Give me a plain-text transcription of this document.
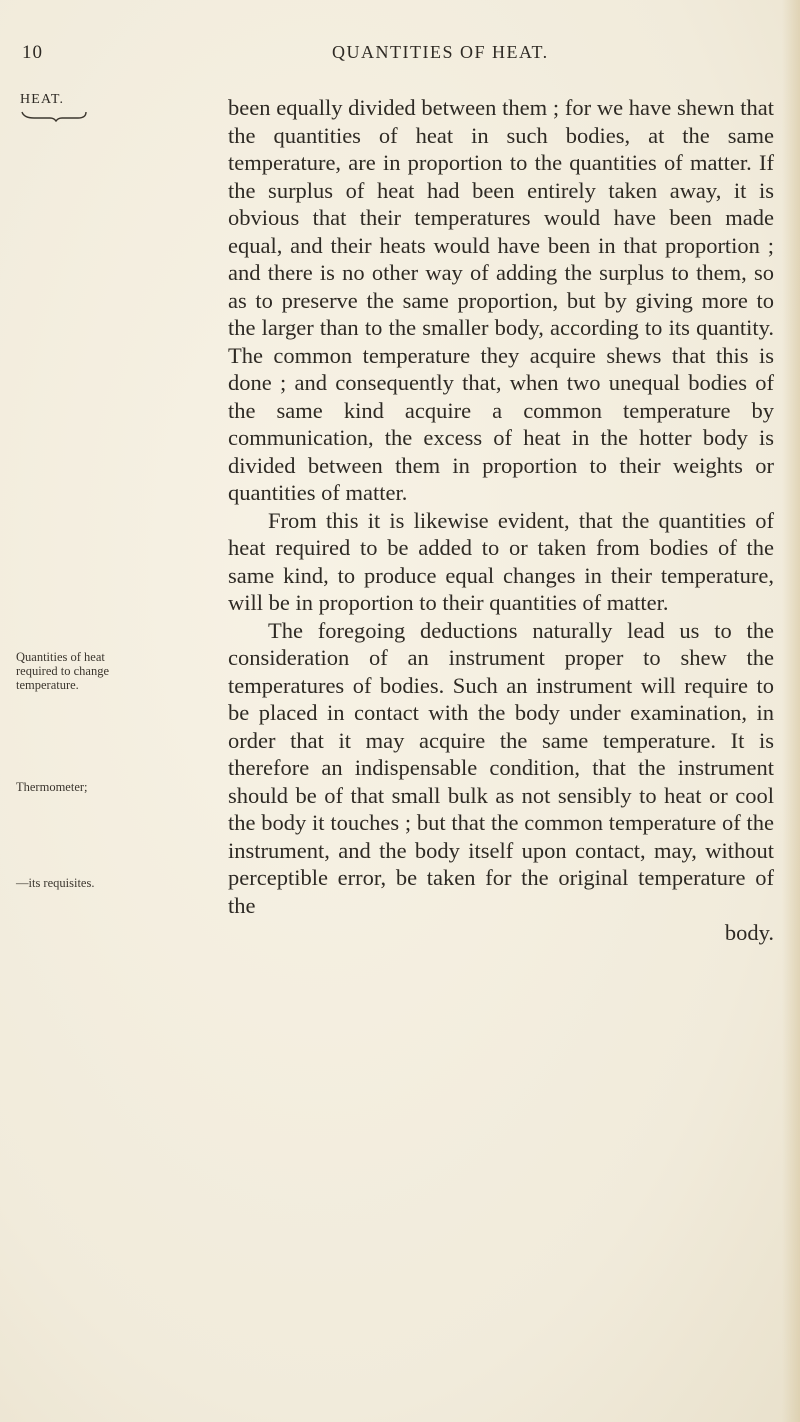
10	QUANTITIES OF HEAT.
HEAT.
Quantities of heat required to change temperature.
Thermometer;
—its requisites.

been equally divided between them ; for we have shewn that the quantities of heat in such bodies, at the same temperature, are in proportion to the quantities of matter. If the surplus of heat had been entirely taken away, it is obvious that their temperatures would have been made equal, and their heats would have been in that proportion ; and there is no other way of adding the surplus to them, so as to preserve the same proportion, but by giving more to the larger than to the smaller body, according to its quantity. The common temperature they acquire shews that this is done ; and consequently that, when two unequal bodies of the same kind acquire a common temperature by communication, the excess of heat in the hotter body is divided between them in proportion to their weights or quantities of matter.

From this it is likewise evident, that the quantities of heat required to be added to or taken from bodies of the same kind, to produce equal changes in their temperature, will be in proportion to their quantities of matter.

The foregoing deductions naturally lead us to the consideration of an instrument proper to shew the temperatures of bodies. Such an instrument will require to be placed in contact with the body under examination, in order that it may acquire the same temperature. It is therefore an indispensable condition, that the instrument should be of that small bulk as not sensibly to heat or cool the body it touches ; but that the common temperature of the instrument, and the body itself upon contact, may, without perceptible error, be taken for the original temperature of the

body.
